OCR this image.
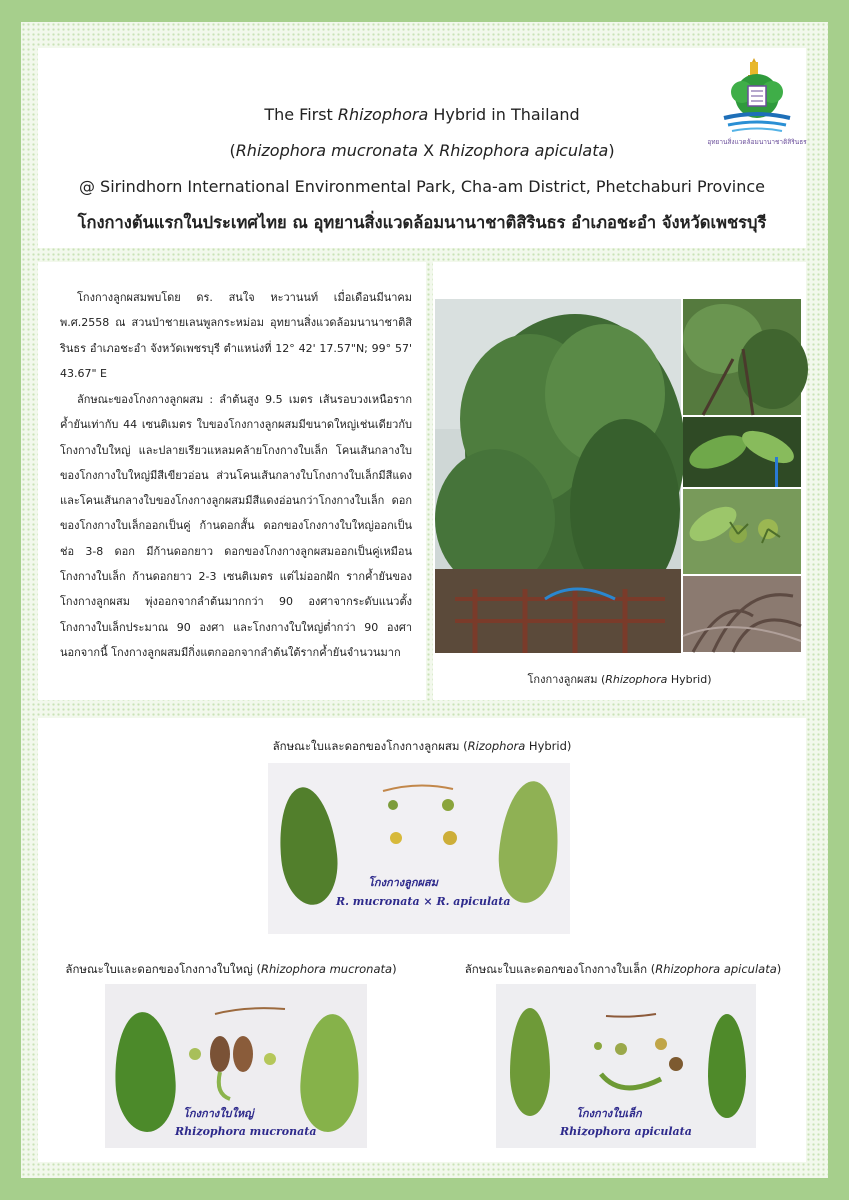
The First Rhizophora Hybrid in Thailand
(Rhizophora mucronata X Rhizophora apiculata)
@ Sirindhorn International Environmental Park, Cha-am District, Phetchaburi Province
โกงกางต้นแรกในประเทศไทย ณ อุทยานสิ่งแวดล้อมนานาชาติสิรินธร อำเภอชะอำ จังหวัดเพชรบุรี
อุทยานสิ่งแวดล้อมนานาชาติสิรินธร

โกงกางลูกผสมพบโดย ดร. สนใจ หะวานนท์ เมื่อเดือนมีนาคม พ.ศ.2558 ณ สวนป่าชายเลนพูลกระหม่อม อุทยานสิ่งแวดล้อมนานาชาติสิรินธร อำเภอชะอำ จังหวัดเพชรบุรี ตำแหน่งที่ 12° 42' 17.57"N; 99° 57' 43.67" E

ลักษณะของโกงกางลูกผสม : ลำต้นสูง 9.5 เมตร เส้นรอบวงเหนือรากค้ำยันเท่ากับ 44 เซนติเมตร ใบของโกงกางลูกผสมมีขนาดใหญ่เช่นเดียวกับโกงกางใบใหญ่ และปลายเรียวแหลมคล้ายโกงกางใบเล็ก โคนเส้นกลางใบของโกงกางใบใหญ่มีสีเขียวอ่อน ส่วนโคนเส้นกลางใบโกงกางใบเล็กมีสีแดง และโคนเส้นกลางใบของโกงกางลูกผสมมีสีแดงอ่อนกว่าโกงกางใบเล็ก ดอกของโกงกางใบเล็กออกเป็นคู่ ก้านดอกสั้น ดอกของโกงกางใบใหญ่ออกเป็นช่อ 3-8 ดอก มีก้านดอกยาว ดอกของโกงกางลูกผสมออกเป็นคู่เหมือนโกงกางใบเล็ก ก้านดอกยาว 2-3 เซนติเมตร แต่ไม่ออกฝัก รากค้ำยันของโกงกางลูกผสม พุ่งออกจากลำต้นมากกว่า 90 องศาจากระดับแนวตั้ง โกงกางใบเล็กประมาณ 90 องศา และโกงกางใบใหญ่ต่ำกว่า 90 องศา นอกจากนี้ โกงกางลูกผสมมีกิ่งแตกออกจากลำต้นใต้รากค้ำยันจำนวนมาก

โกงกางลูกผสม (Rhizophora Hybrid)
ลักษณะใบและดอกของโกงกางลูกผสม (Rizophora Hybrid)
โกงกางลูกผสม
R. mucronata × R. apiculata
ลักษณะใบและดอกของโกงกางใบใหญ่ (Rhizophora mucronata)
โกงกางใบใหญ่
Rhizophora mucronata
ลักษณะใบและดอกของโกงกางใบเล็ก (Rhizophora apiculata)
โกงกางใบเล็ก
Rhizophora apiculata
